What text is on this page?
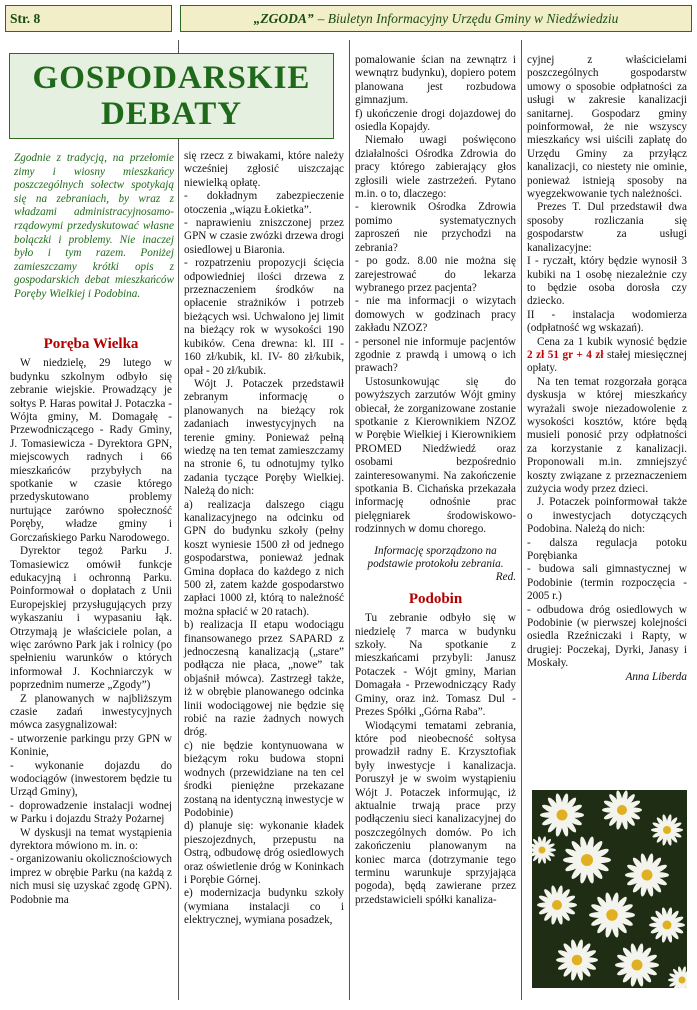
Str. 8	„ZGODA” – Biuletyn Informacyjny Urzędu Gminy w Niedźwiedziu
GOSPODARSKIE
DEBATY
Zgodnie z tradycją, na przełomie zimy i wiosny mieszkańcy poszczególnych sołectw spotykają się na zebraniach, by wraz z władzami administracyjnosamo-rządowymi przedyskutować własne bolączki i problemy. Nie inaczej było i tym razem. Poniżej zamieszczamy krótki opis z gospodarskich debat mieszkańców Poręby Wielkiej i Podobina.
Poręba Wielka

W niedzielę, 29 lutego w budynku szkolnym odbyło się zebranie wiejskie. Prowadzący je sołtys P. Haras powitał J. Potaczka - Wójta gminy, M. Domagałę - Przewodniczącego - Rady Gminy, J. Tomasiewicza - Dyrektora GPN, miejscowych radnych i 66 mieszkańców przybyłych na spotkanie w czasie którego przedyskutowano problemy nurtujące zarówno społeczność Poręby, władze gminy i Gorczańskiego Parku Narodowego.

Dyrektor tegoż Parku J. Tomasiewicz omówił funkcje edukacyjną i ochronną Parku. Poinformował o dopłatach z Unii Europejskiej przysługujących przy wykaszaniu i wypasaniu łąk. Otrzymają je właściciele polan, a więc zarówno Park jak i rolnicy (po spełnieniu warunków o których informował J. Kochniarczyk w poprzednim numerze „Zgody”)

Z planowanych w najbliższym czasie zadań inwestycyjnych mówca zasygnalizował:

- utworzenie parkingu przy GPN w Koninie,

- wykonanie dojazdu do wodociągów (inwestorem będzie tu Urząd Gminy),

- doprowadzenie instalacji wodnej w Parku i dojazdu Straży Pożarnej

W dyskusji na temat wystąpienia dyrektora mówiono m. in. o:

- organizowaniu okolicznościowych imprez w obrębie Parku (na każdą z nich musi się uzyskać zgodę GPN). Podobnie ma

się rzecz z biwakami, które należy wcześniej zgłosić uiszczając niewielką opłatę.

- dokładnym zabezpieczenie otoczenia „wiązu Łokietka”.

- naprawieniu zniszczonej przez GPN w czasie zwózki drzewa drogi osiedlowej u Biaronia.

- rozpatrzeniu propozycji ścięcia odpowiedniej ilości drzewa z przeznaczeniem środków na opłacenie strażników i potrzeb bieżących wsi. Uchwalono jej limit na bieżący rok w wysokości 190 kubików. Cena drewna: kl. III - 160 zł/kubik, kl. IV- 80 zł/kubik, opał - 20 zł/kubik.

Wójt J. Potaczek przedstawił zebranym informację o planowanych na bieżący rok zadaniach inwestycyjnych na terenie gminy. Ponieważ pełną wiedzę na ten temat zamieszczamy na stronie 6, tu odnotujmy tylko zadania tyczące Poręby Wielkiej. Należą do nich:

a) realizacja dalszego ciągu kanalizacyjnego na odcinku od GPN do budynku szkoły (pełny koszt wyniesie 1500 zł od jednego gospodarstwa, ponieważ jednak Gmina dopłaca do każdego z nich 500 zł, zatem każde gospodarstwo zapłaci 1000 zł, którą to należność można spłacić w 20 ratach).

b) realizacja II etapu wodociągu finansowanego przez SAPARD z jednoczesną kanalizacją („stare” podłącza nie płaca, „nowe” tak objaśnił mówca). Zastrzegł także, iż w obrębie planowanego odcinka linii wodociągowej nie będzie się robić na razie żadnych nowych dróg.

c) nie będzie kontynuowana w bieżącym roku budowa stopni wodnych (przewidziane na ten cel środki pieniężne przekazane zostaną na identyczną inwestycje w Podobinie)

d) planuje się: wykonanie kładek pieszojezdnych, przepustu na Ostrą, odbudowę dróg osiedlowych oraz oświetlenie dróg w Koninkach i Porębie Górnej.

e) modernizacja budynku szkoły (wymiana instalacji co i elektrycznej, wymiana posadzek,

pomalowanie ścian na zewnątrz i wewnątrz budynku), dopiero potem planowana jest rozbudowa gimnazjum.

f) ukończenie drogi dojazdowej do osiedla Kopajdy.

Niemało uwagi poświęcono działalności Ośrodka Zdrowia do pracy którego zabierający głos zgłosili wiele zastrzeżeń. Pytano m.in. o to, dlaczego:

- kierownik Ośrodka Zdrowia pomimo systematycznych zaproszeń nie przychodzi na zebrania?

- po godz. 8.00 nie można się zarejestrować do lekarza wybranego przez pacjenta?

- nie ma informacji o wizytach domowych w godzinach pracy zakładu NZOZ?

- personel nie informuje pacjentów zgodnie z prawdą i umową o ich prawach?

Ustosunkowując się do powyższych zarzutów Wójt gminy obiecał, że zorganizowane zostanie spotkanie z Kierownikiem NZOZ w Porębie Wielkiej i Kierownikiem PROMED Niedźwiedź oraz osobami bezpośrednio zainteresowanymi. Na zakończenie spotkania B. Cichańska przekazała informację odnośnie prac pielęgniarek środowiskowo-rodzinnych w domu chorego.

Informację sporządzono na podstawie protokołu zebrania.

Red.

Podobin

Tu zebranie odbyło się w niedzielę 7 marca w budynku szkoły. Na spotkanie z mieszkańcami przybyli: Janusz Potaczek - Wójt gminy, Marian Domagała - Przewodniczący Rady Gminy, oraz inż. Tomasz Dul - Prezes Spółki „Górna Raba”.

Wiodącymi tematami zebrania, które pod nieobecność sołtysa prowadził radny E. Krzysztofiak były inwestycje i kanalizacja. Poruszył je w swoim wystąpieniu Wójt J. Potaczek informując, iż aktualnie trwają prace przy podłączeniu sieci kanalizacyjnej do poszczególnych domów. Po ich zakończeniu planowanym na koniec marca (dotrzymanie tego terminu warunkuje sprzyjająca pogoda), będą zawierane przez przedstawicieli spółki kanaliza-

cyjnej z właścicielami poszczególnych gospodarstw umowy o sposobie odpłatności za usługi w zakresie kanalizacji sanitarnej. Gospodarz gminy poinformował, że nie wszyscy mieszkańcy wsi uiścili zapłatę do Urzędu Gminy za przyłącz kanalizacji, co niestety nie ominie, ponieważ istnieją sposoby na wyegzekwowanie tych należności.

Prezes T. Dul przedstawił dwa sposoby rozliczania się gospodarstw za usługi kanalizacyjne:

I - ryczałt, który będzie wynosił 3 kubiki na 1 osobę niezależnie czy to będzie osoba dorosła czy dziecko.

II - instalacja wodomierza (odpłatność wg wskazań).

Cena za 1 kubik wynosić będzie 2 zł 51 gr + 4 zł stałej miesięcznej opłaty.

Na ten temat rozgorzała gorąca dyskusja w której mieszkańcy wyrażali swoje niezadowolenie z wysokości kosztów, które będą musieli ponosić przy odpłatności za korzystanie z kanalizacji. Proponowali m.in. zmniejszyć koszty związane z przeznaczeniem zużycia wody przez dzieci.

J. Potaczek poinformował także o inwestycjach dotyczących Podobina. Należą do nich:

- dalsza regulacja potoku Porębianka

- budowa sali gimnastycznej w Podobinie (termin rozpoczęcia - 2005 r.)

- odbudowa dróg osiedlowych w Podobinie (w pierwszej kolejności osiedla Rzeźniczaki i Rapty, w drugiej: Poczekaj, Dyrki, Janasy i Moskały.

Anna Liberda
